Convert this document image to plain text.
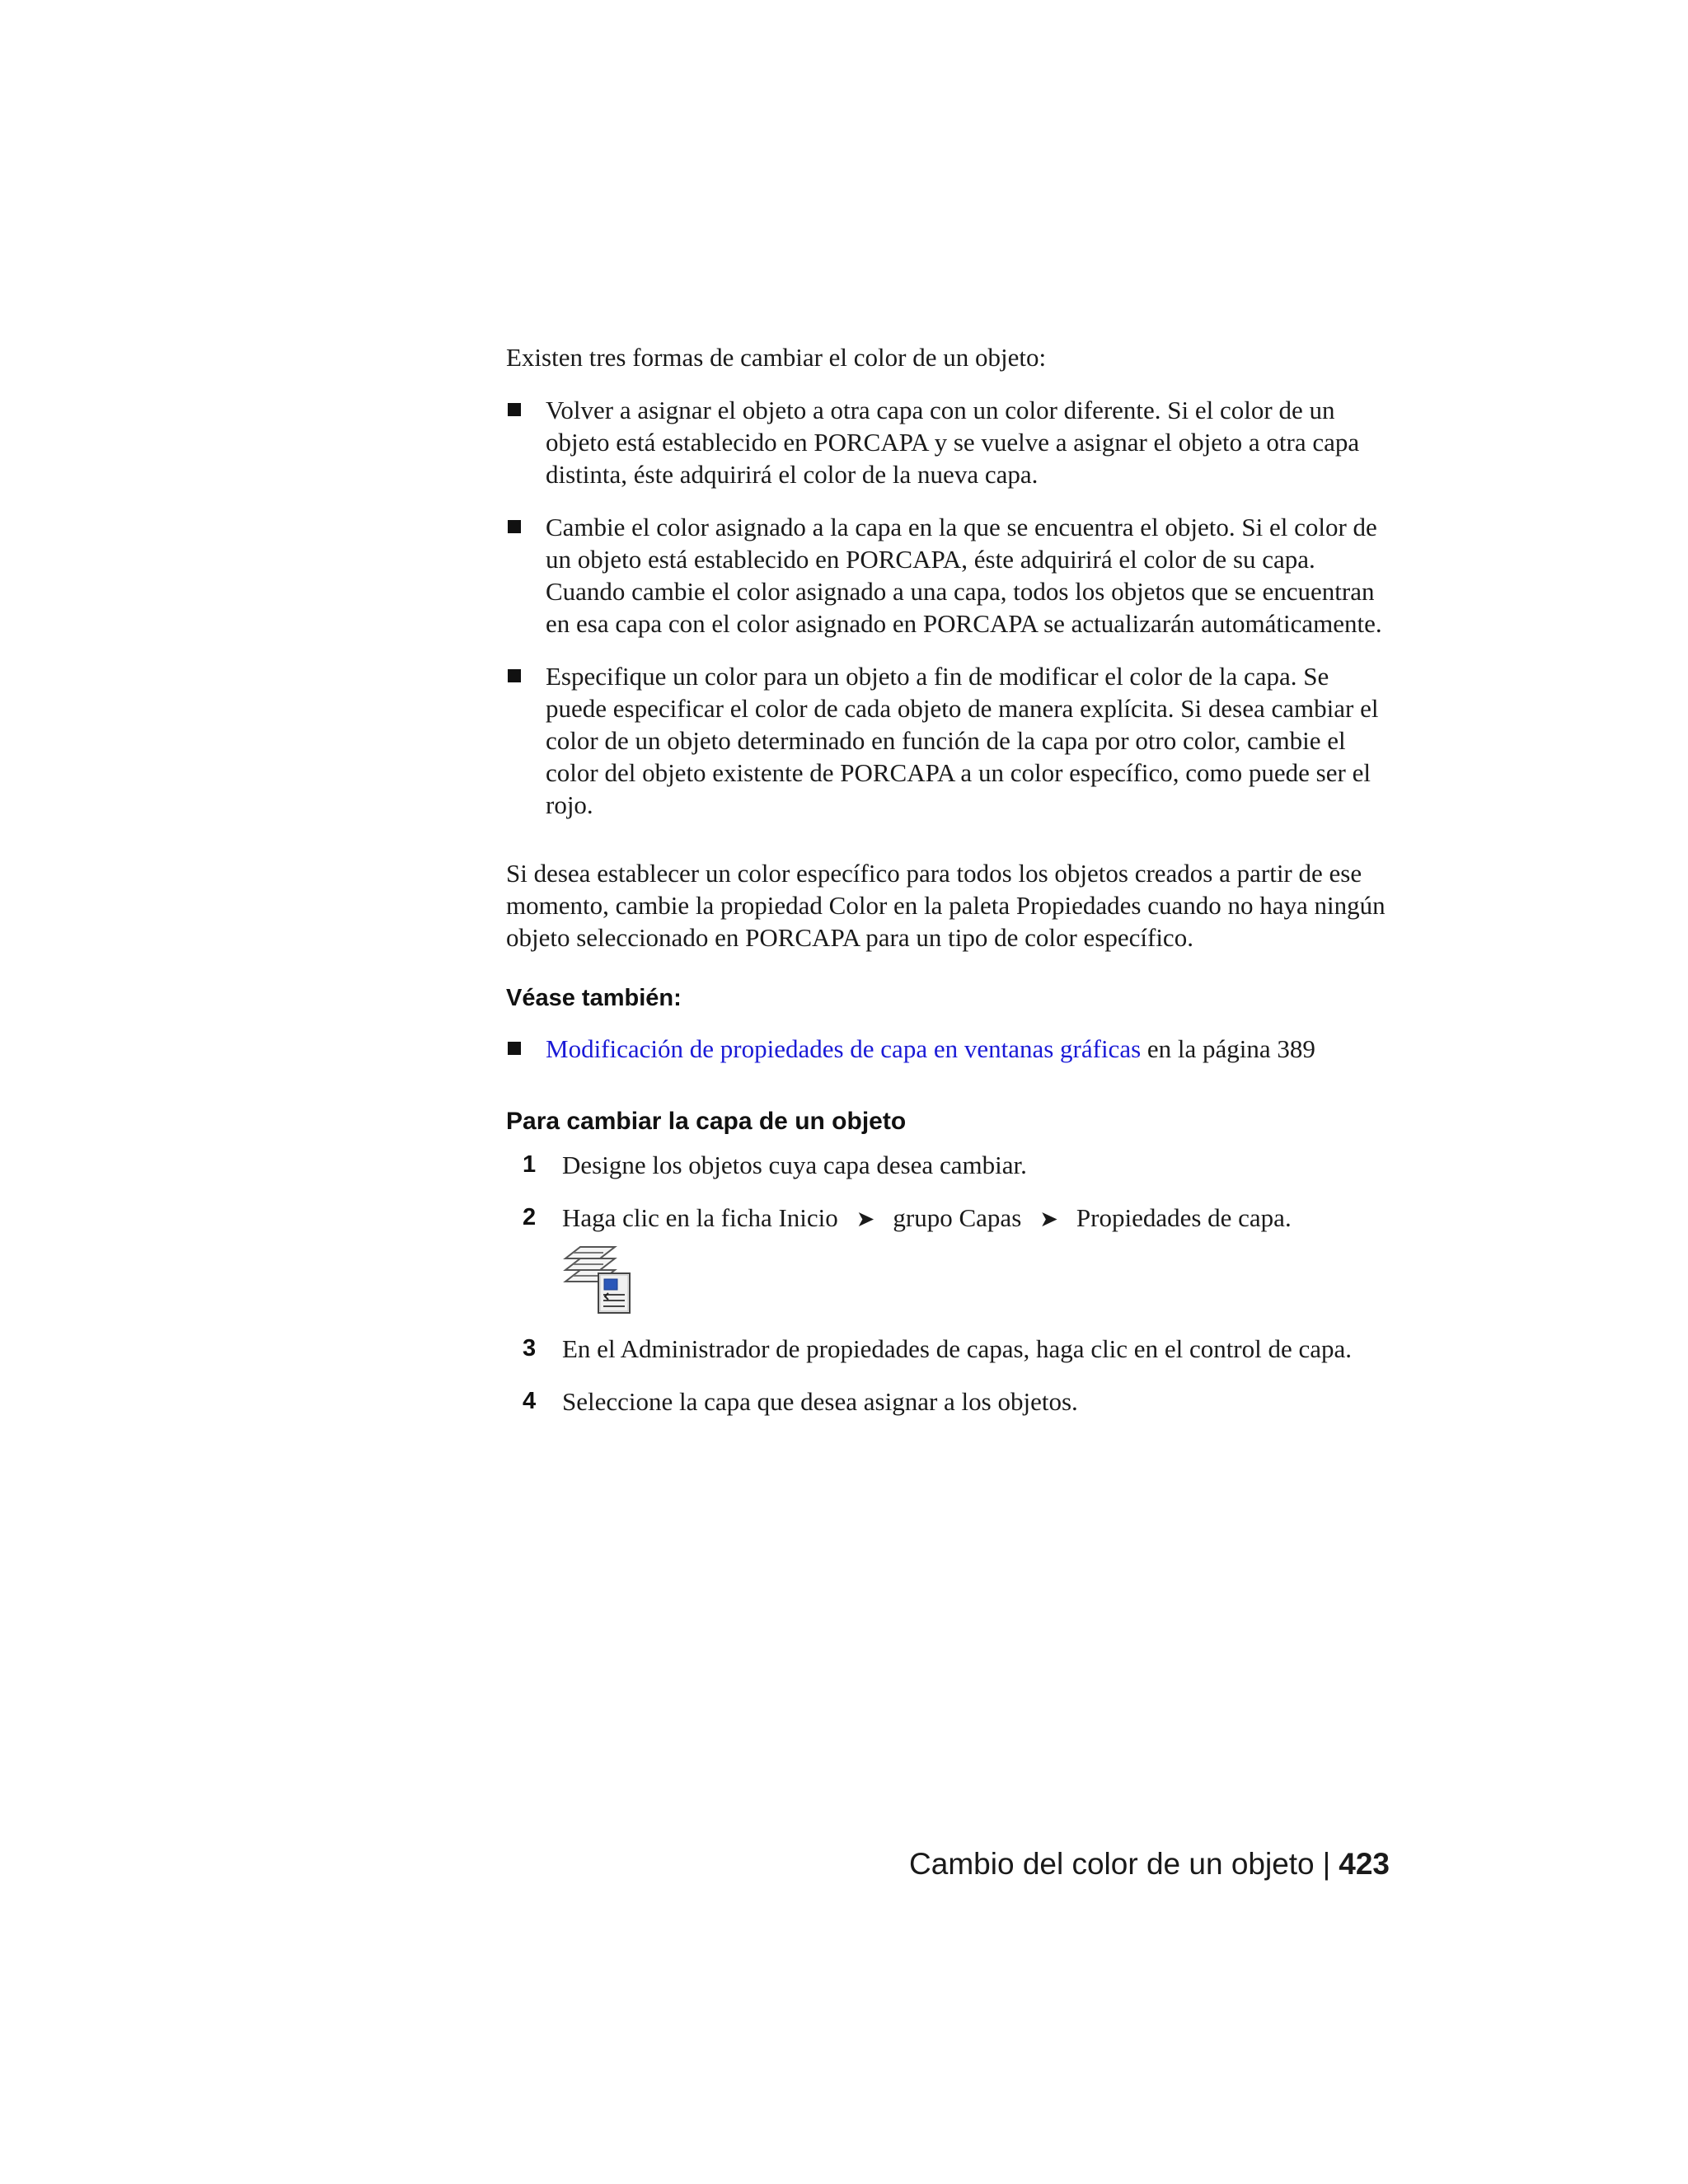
Existen tres formas de cambiar el color de un objeto:

Volver a asignar el objeto a otra capa con un color diferente. Si el color de un objeto está establecido en PORCAPA y se vuelve a asignar el objeto a otra capa distinta, éste adquirirá el color de la nueva capa.
Cambie el color asignado a la capa en la que se encuentra el objeto. Si el color de un objeto está establecido en PORCAPA, éste adquirirá el color de su capa. Cuando cambie el color asignado a una capa, todos los objetos que se encuentran en esa capa con el color asignado en PORCAPA se actualizarán automáticamente.
Especifique un color para un objeto a fin de modificar el color de la capa. Se puede especificar el color de cada objeto de manera explícita. Si desea cambiar el color de un objeto determinado en función de la capa por otro color, cambie el color del objeto existente de PORCAPA a un color específico, como puede ser el rojo.

Si desea establecer un color específico para todos los objetos creados a partir de ese momento, cambie la propiedad Color en la paleta Propiedades cuando no haya ningún objeto seleccionado en PORCAPA para un tipo de color específico.

Véase también:
Modificación de propiedades de capa en ventanas gráficas en la página 389
Para cambiar la capa de un objeto
1 Designe los objetos cuya capa desea cambiar.
2 Haga clic en la ficha Inicio ➤ grupo Capas ➤ Propiedades de capa.
3 En el Administrador de propiedades de capas, haga clic en el control de capa.
4 Seleccione la capa que desea asignar a los objetos.
Cambio del color de un objeto | 423
